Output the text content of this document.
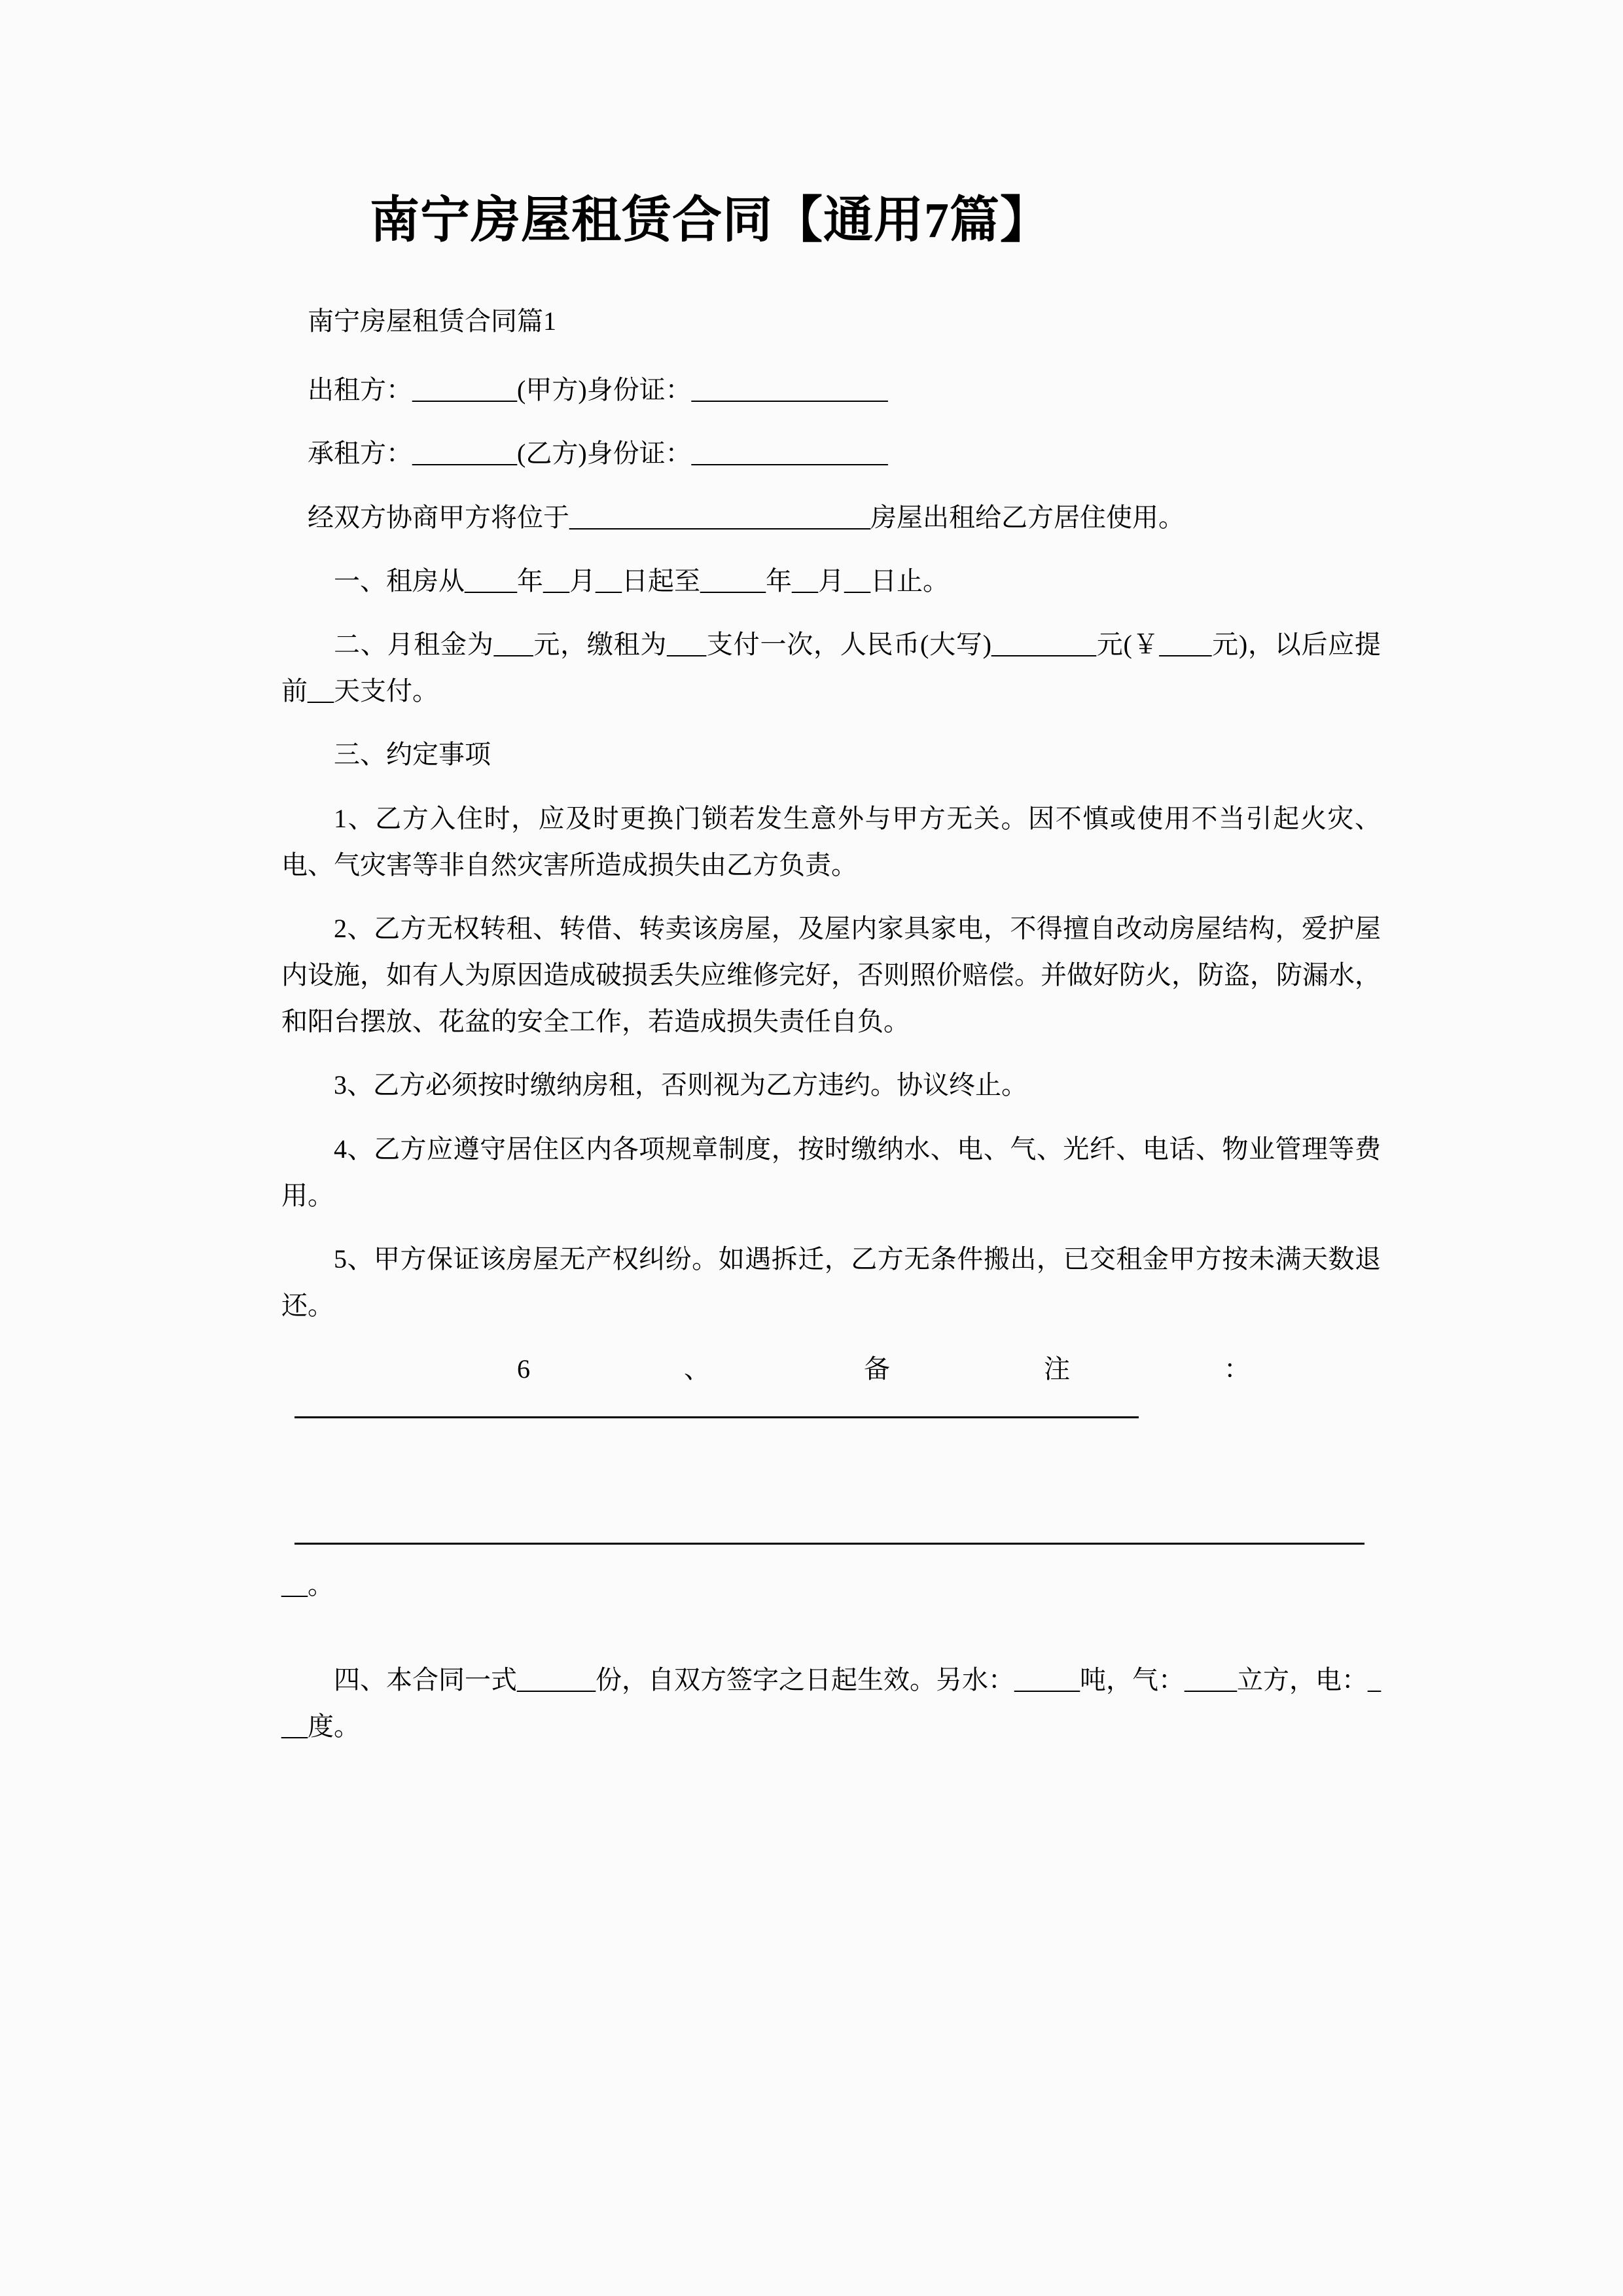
南宁房屋租赁合同【通用7篇】

南宁房屋租赁合同篇1

出租方：________(甲方)身份证：_______________

承租方：________(乙方)身份证：_______________

经双方协商甲方将位于_______________________房屋出租给乙方居住使用。

一、租房从____年__月__日起至_____年__月__日止。

二、月租金为___元，缴租为___支付一次，人民币(大写)________元(￥____元)，以后应提前__天支付。

三、约定事项

1、乙方入住时，应及时更换门锁若发生意外与甲方无关。因不慎或使用不当引起火灾、电、气灾害等非自然灾害所造成损失由乙方负责。

2、乙方无权转租、转借、转卖该房屋，及屋内家具家电，不得擅自改动房屋结构，爱护屋内设施，如有人为原因造成破损丢失应维修完好，否则照价赔偿。并做好防火，防盗，防漏水，和阳台摆放、花盆的安全工作，若造成损失责任自负。

3、乙方必须按时缴纳房租，否则视为乙方违约。协议终止。

4、乙方应遵守居住区内各项规章制度，按时缴纳水、电、气、光纤、电话、物业管理等费用。

5、甲方保证该房屋无产权纠纷。如遇拆迁，乙方无条件搬出，已交租金甲方按未满天数退还。

6、备注：

__。

四、本合同一式______份，自双方签字之日起生效。另水：_____吨，气：____立方，电：___度。
